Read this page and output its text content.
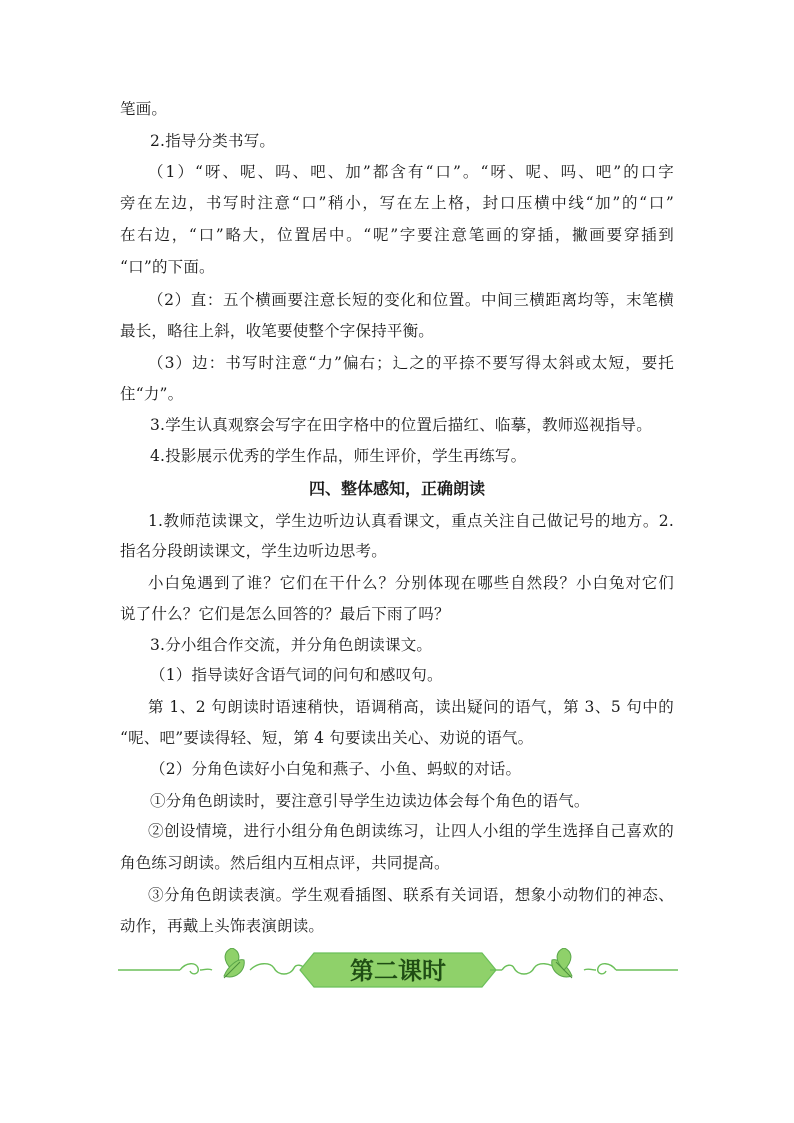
笔画。
2.指导分类书写。
（1）“呀、呢、吗、吧、加”都含有“口”。“呀、呢、吗、吧”的口字
旁在左边，书写时注意“口”稍小，写在左上格，封口压横中线“加”的“口”
在右边，“口”略大，位置居中。“呢”字要注意笔画的穿插，撇画要穿插到
“口”的下面。
（2）直：五个横画要注意长短的变化和位置。中间三横距离均等，末笔横
最长，略往上斜，收笔要使整个字保持平衡。
（3）边：书写时注意“力”偏右；辶之的平捺不要写得太斜或太短，要托
住“力”。
3.学生认真观察会写字在田字格中的位置后描红、临摹，教师巡视指导。
4.投影展示优秀的学生作品，师生评价，学生再练写。
四、整体感知，正确朗读
1.教师范读课文，学生边听边认真看课文，重点关注自己做记号的地方。2.
指名分段朗读课文，学生边听边思考。
小白兔遇到了谁？它们在干什么？分别体现在哪些自然段？小白兔对它们
说了什么？它们是怎么回答的？最后下雨了吗？
3.分小组合作交流，并分角色朗读课文。
（1）指导读好含语气词的问句和感叹句。
第 1、2 句朗读时语速稍快，语调稍高，读出疑问的语气，第 3、5 句中的
“呢、吧”要读得轻、短，第 4 句要读出关心、劝说的语气。
（2）分角色读好小白兔和燕子、小鱼、蚂蚁的对话。
①分角色朗读时，要注意引导学生边读边体会每个角色的语气。
②创设情境，进行小组分角色朗读练习，让四人小组的学生选择自己喜欢的
角色练习朗读。然后组内互相点评，共同提高。
③分角色朗读表演。学生观看插图、联系有关词语，想象小动物们的神态、
动作，再戴上头饰表演朗读。
第二课时
